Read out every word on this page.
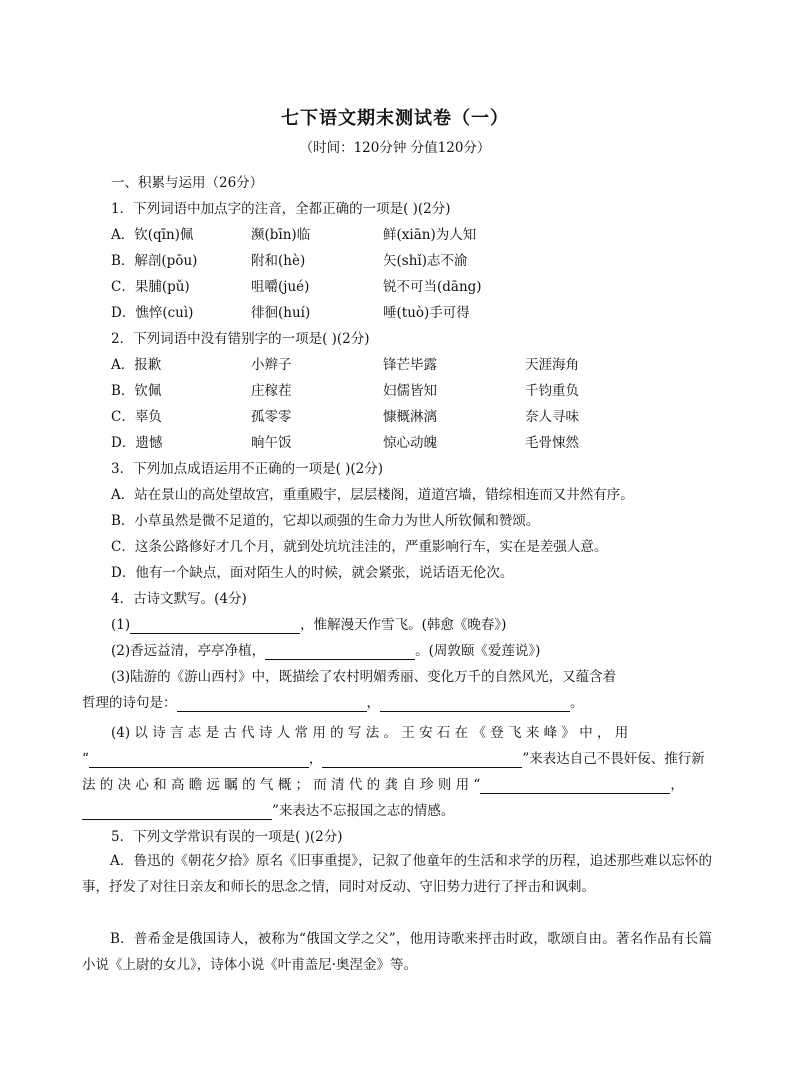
七下语文期末测试卷（一）
（时间：120分钟 分值120分）
一、积累与运用（26分）
1．下列词语中加点字的注音，全都正确的一项是( )(2分)
A．钦(qīn)佩	濒(bīn)临	鲜(xiān)为人知
B．解剖(pōu)	附和(hè)	矢(shǐ)志不渝
C．果脯(pǔ)	咀嚼(jué)	锐不可当(dāng)
D．憔悴(cuì)	徘徊(huí)	唾(tuò)手可得
2．下列词语中没有错别字的一项是( )(2分)
A．报歉	小辫子	锋芒毕露	天涯海角
B．钦佩	庄稼茬	妇儒皆知	千钧重负
C．辜负	孤零零	慷概淋漓	奈人寻味
D．遗憾	晌午饭	惊心动魄	毛骨悚然
3．下列加点成语运用不正确的一项是( )(2分)
A．站在景山的高处望故宫，重重殿宇，层层楼阁，道道宫墙，错综相连而又井然有序。
B．小草虽然是微不足道的，它却以顽强的生命力为世人所钦佩和赞颂。
C．这条公路修好才几个月，就到处坑坑洼洼的，严重影响行车，实在是差强人意。
D．他有一个缺点，面对陌生人的时候，就会紧张，说话语无伦次。
4．古诗文默写。(4分)
(1)	，惟解漫天作雪飞。(韩愈《晚春》)
(2)香远益清，亭亭净植，	。(周敦颐《爱莲说》)
(3)陆游的《游山西村》中，既描绘了农村明媚秀丽、变化万千的自然风光，又蕴含着
哲理的诗句是：	，	。
(4) 以 诗 言 志 是 古 代 诗 人 常 用 的 写 法 。 王 安 石 在 《 登 飞 来 峰 》 中 ， 用
“	，	”来表达自己不畏奸佞、推行新
法 的 决 心 和 高 瞻 远 瞩 的 气 概 ； 而 清 代 的 龚 自 珍 则 用 “	，
”来表达不忘报国之志的情感。
5．下列文学常识有误的一项是( )(2分)
A．鲁迅的《朝花夕拾》原名《旧事重提》，记叙了他童年的生活和求学的历程，追述那些难以忘怀的事，抒发了对往日亲友和师长的思念之情，同时对反动、守旧势力进行了抨击和讽刺。
B．普希金是俄国诗人，被称为“俄国文学之父”，他用诗歌来抨击时政，歌颂自由。著名作品有长篇小说《上尉的女儿》，诗体小说《叶甫盖尼·奥涅金》等。
